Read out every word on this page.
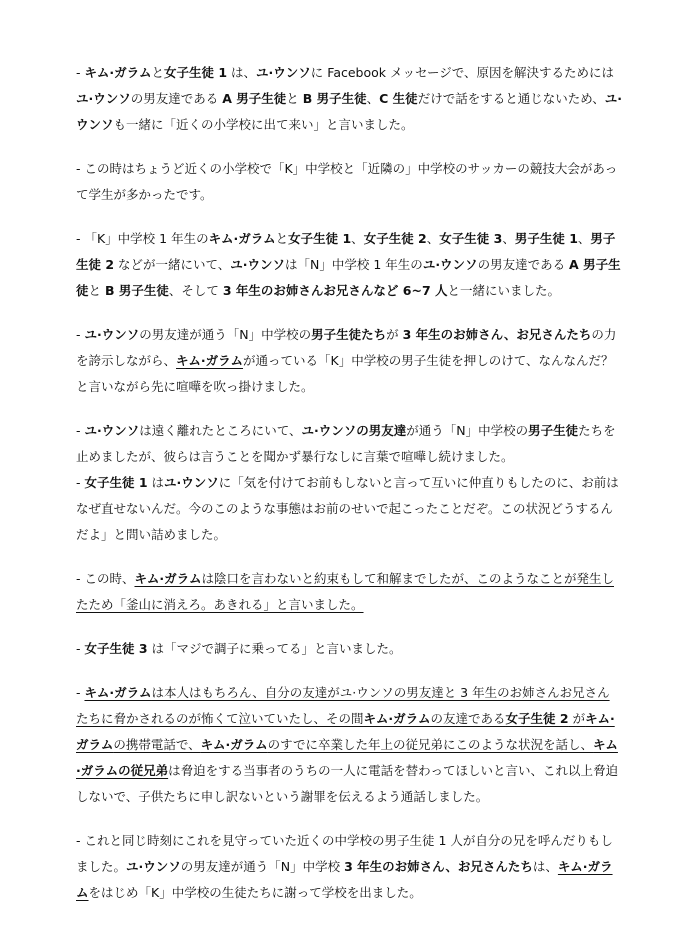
- キム·ガラムと女子生徒 1 は、ユ·ウンソに Facebook メッセージで、原因を解決するためにはユ·ウンソの男友達である A 男子生徒と B 男子生徒、C 生徒だけで話をすると通じないため、ユ·ウンソも一緒に「近くの小学校に出て来い」と言いました。

- この時はちょうど近くの小学校で「K」中学校と「近隣の」中学校のサッカーの競技大会があって学生が多かったです。

- 「K」中学校 1 年生のキム·ガラムと女子生徒 1、女子生徒 2、女子生徒 3、男子生徒 1、男子生徒 2 などが一緒にいて、ユ·ウンソは「N」中学校 1 年生のユ·ウンソの男友達である A 男子生徒と B 男子生徒、そして 3 年生のお姉さんお兄さんなど 6~7 人と一緒にいました。

- ユ·ウンソの男友達が通う「N」中学校の男子生徒たちが 3 年生のお姉さん、お兄さんたちの力を誇示しながら、キム·ガラムが通っている「K」中学校の男子生徒を押しのけて、なんなんだ？と言いながら先に喧嘩を吹っ掛けました。

- ユ·ウンソは遠く離れたところにいて、ユ·ウンソの男友達が通う「N」中学校の男子生徒たちを止めましたが、彼らは言うことを聞かず暴行なしに言葉で喧嘩し続けました。

- 女子生徒 1 はユ·ウンソに「気を付けてお前もしないと言って互いに仲直りもしたのに、お前はなぜ直せないんだ。今のこのような事態はお前のせいで起こったことだぞ。この状況どうするんだよ」と問い詰めました。

- この時、キム·ガラムは陰口を言わないと約束もして和解までしたが、このようなことが発生したため「釜山に消えろ。あきれる」と言いました。

- 女子生徒 3 は「マジで調子に乗ってる」と言いました。

- キム·ガラムは本人はもちろん、自分の友達がユ·ウンソの男友達と 3 年生のお姉さんお兄さんたちに脅かされるのが怖くて泣いていたし、その間キム·ガラムの友達である女子生徒 2 がキム·ガラムの携帯電話で、キム·ガラムのすでに卒業した年上の従兄弟にこのような状況を話し、キム·ガラムの従兄弟は脅迫をする当事者のうちの一人に電話を替わってほしいと言い、これ以上脅迫しないで、子供たちに申し訳ないという謝罪を伝えるよう通話しました。

- これと同じ時刻にこれを見守っていた近くの中学校の男子生徒 1 人が自分の兄を呼んだりもしました。ユ·ウンソの男友達が通う「N」中学校 3 年生のお姉さん、お兄さんたちは、キム·ガラムをはじめ「K」中学校の生徒たちに謝って学校を出ました。
